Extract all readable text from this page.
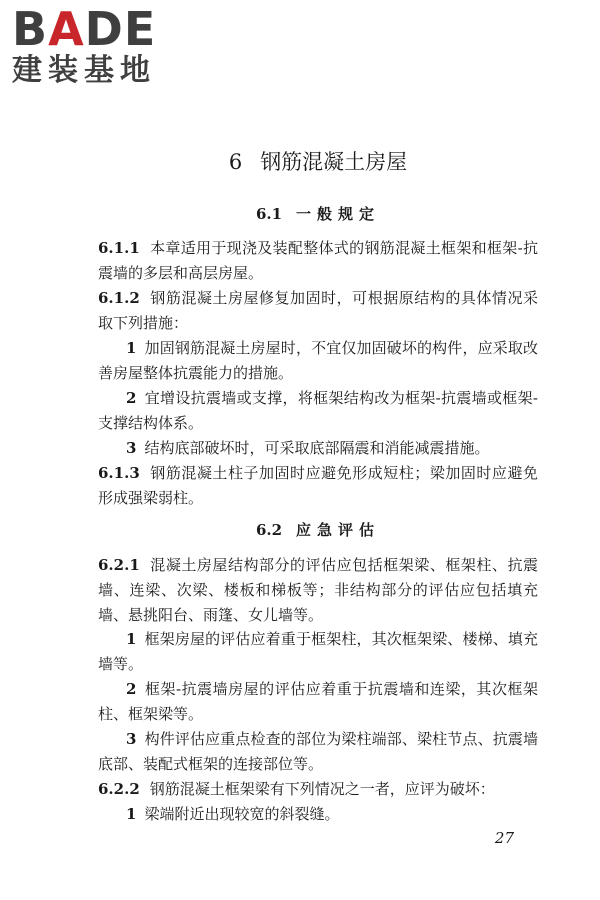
BADE
建装基地
6 钢筋混凝土房屋
6.1 一般规定
6.1.1 本章适用于现浇及装配整体式的钢筋混凝土框架和框架-抗震墙的多层和高层房屋。
6.1.2 钢筋混凝土房屋修复加固时，可根据原结构的具体情况采取下列措施：
1 加固钢筋混凝土房屋时，不宜仅加固破坏的构件，应采取改善房屋整体抗震能力的措施。
2 宜增设抗震墙或支撑，将框架结构改为框架-抗震墙或框架-支撑结构体系。
3 结构底部破坏时，可采取底部隔震和消能减震措施。
6.1.3 钢筋混凝土柱子加固时应避免形成短柱；梁加固时应避免形成强梁弱柱。
6.2 应急评估
6.2.1 混凝土房屋结构部分的评估应包括框架梁、框架柱、抗震墙、连梁、次梁、楼板和梯板等；非结构部分的评估应包括填充墙、悬挑阳台、雨篷、女儿墙等。
1 框架房屋的评估应着重于框架柱，其次框架梁、楼梯、填充墙等。
2 框架-抗震墙房屋的评估应着重于抗震墙和连梁，其次框架柱、框架梁等。
3 构件评估应重点检查的部位为梁柱端部、梁柱节点、抗震墙底部、装配式框架的连接部位等。
6.2.2 钢筋混凝土框架梁有下列情况之一者，应评为破坏：
1 梁端附近出现较宽的斜裂缝。
27
